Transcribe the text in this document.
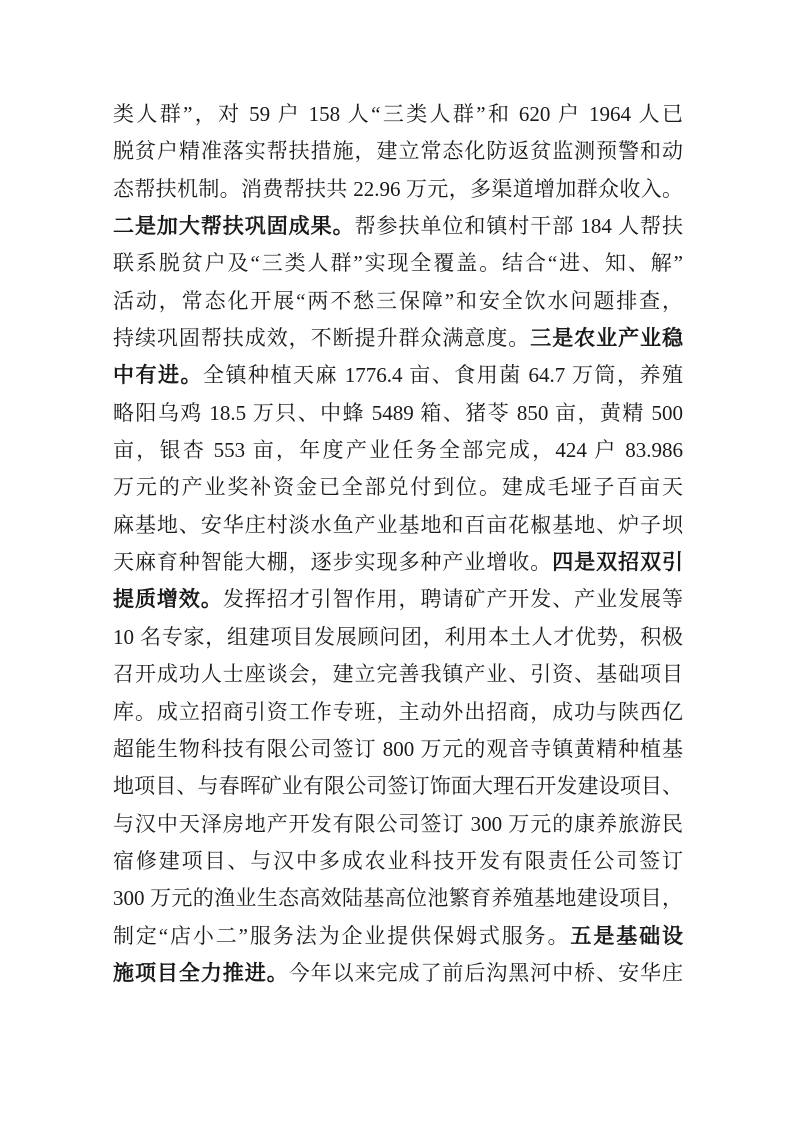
类人群”，对 59 户 158 人“三类人群”和 620 户 1964 人已
脱贫户精准落实帮扶措施，建立常态化防返贫监测预警和动
态帮扶机制。消费帮扶共 22.96 万元，多渠道增加群众收入。
二是加大帮扶巩固成果。帮参扶单位和镇村干部 184 人帮扶
联系脱贫户及“三类人群”实现全覆盖。结合“进、知、解”
活动，常态化开展“两不愁三保障”和安全饮水问题排查，
持续巩固帮扶成效，不断提升群众满意度。三是农业产业稳
中有进。全镇种植天麻 1776.4 亩、食用菌 64.7 万筒，养殖
略阳乌鸡 18.5 万只、中蜂 5489 箱、猪苓 850 亩，黄精 500
亩，银杏 553 亩，年度产业任务全部完成，424 户 83.986
万元的产业奖补资金已全部兑付到位。建成毛垭子百亩天
麻基地、安华庄村淡水鱼产业基地和百亩花椒基地、炉子坝
天麻育种智能大棚，逐步实现多种产业增收。四是双招双引
提质增效。发挥招才引智作用，聘请矿产开发、产业发展等
10 名专家，组建项目发展顾问团，利用本土人才优势，积极
召开成功人士座谈会，建立完善我镇产业、引资、基础项目
库。成立招商引资工作专班，主动外出招商，成功与陕西亿
超能生物科技有限公司签订 800 万元的观音寺镇黄精种植基
地项目、与春晖矿业有限公司签订饰面大理石开发建设项目、
与汉中天泽房地产开发有限公司签订 300 万元的康养旅游民
宿修建项目、与汉中多成农业科技开发有限责任公司签订
300 万元的渔业生态高效陆基高位池繁育养殖基地建设项目，
制定“店小二”服务法为企业提供保姆式服务。五是基础设
施项目全力推进。今年以来完成了前后沟黑河中桥、安华庄
